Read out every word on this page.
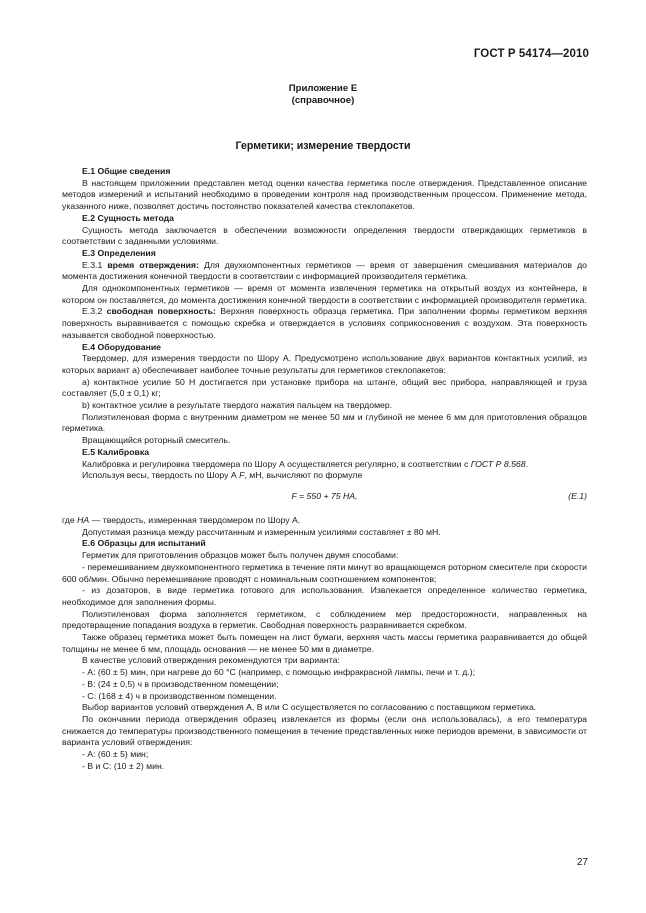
ГОСТ Р 54174—2010
Приложение Е
(справочное)
Герметики; измерение твердости

Е.1 Общие сведения

В настоящем приложении представлен метод оценки качества герметика после отверждения. Представленное описание методов измерений и испытаний необходимо в проведении контроля над производственным процессом. Применение метода, указанного ниже, позволяет достичь постоянство показателей качества стеклопакетов.

Е.2 Сущность метода

Сущность метода заключается в обеспечении возможности определения твердости отверждающих герметиков в соответствии с заданными условиями.

Е.3 Определения

Е.3.1 время отверждения: Для двухкомпонентных герметиков — время от завершения смешивания материалов до момента достижения конечной твердости в соответствии с информацией производителя герметика.

Для однокомпонентных герметиков — время от момента извлечения герметика на открытый воздух из контейнера, в котором он поставляется, до момента достижения конечной твердости в соответствии с информацией производителя герметика.

Е.3.2 свободная поверхность: Верхняя поверхность образца герметика. При заполнении формы герметиком верхняя поверхность выравнивается с помощью скребка и отверждается в условиях соприкосновения с воздухом. Эта поверхность называется свободной поверхностью.

Е.4 Оборудование

Твердомер, для измерения твердости по Шору А. Предусмотрено использование двух вариантов контактных усилий, из которых вариант а) обеспечивает наиболее точные результаты для герметиков стеклопакетов:

а) контактное усилие 50 Н достигается при установке прибора на штанге, общий вес прибора, направляющей и груза составляет (5,0 ± 0,1) кг;

b) контактное усилие в результате твердого нажатия пальцем на твердомер.

Полиэтиленовая форма с внутренним диаметром не менее 50 мм и глубиной не менее 6 мм для приготовления образцов герметика.

Вращающийся роторный смеситель.

Е.5 Калибровка

Калибровка и регулировка твердомера по Шору А осуществляется регулярно, в соответствии с ГОСТ Р 8.568.

Используя весы, твердость по Шору А F, мН, вычисляют по формуле

F = 550 + 75 HA,	(Е.1)

где HA — твердость, измеренная твердомером по Шору А.

Допустимая разница между рассчитанным и измеренным усилиями составляет ± 80 мН.

Е.6 Образцы для испытаний

Герметик для приготовления образцов может быть получен двумя способами:

- перемешиванием двухкомпонентного герметика в течение пяти минут во вращающемся роторном смесителе при скорости 600 об/мин. Обычно перемешивание проводят с номинальным соотношением компонентов;

- из дозаторов, в виде герметика готового для использования. Извлекается определенное количество герметика, необходимое для заполнения формы.

Полиэтиленовая форма заполняется герметиком, с соблюдением мер предосторожности, направленных на предотвращение попадания воздуха в герметик. Свободная поверхность разравнивается скребком.

Также образец герметика может быть помещен на лист бумаги, верхняя часть массы герметика разравнивается до общей толщины не менее 6 мм, площадь основания — не менее 50 мм в диаметре.

В качестве условий отверждения рекомендуются три варианта:

- А: (60 ± 5) мин, при нагреве до 60 °С (например, с помощью инфракрасной лампы, печи и т. д.);

- В: (24 ± 0,5) ч в производственном помещении;

- С: (168 ± 4) ч в производственном помещении.

Выбор вариантов условий отверждения А, В или С осуществляется по согласованию с поставщиком герметика.

По окончании периода отверждения образец извлекается из формы (если она использовалась), а его температура снижается до температуры производственного помещения в течение представленных ниже периодов времени, в зависимости от варианта условий отверждения:

- А: (60 ± 5) мин;

- В и С: (10 ± 2) мин.

27
